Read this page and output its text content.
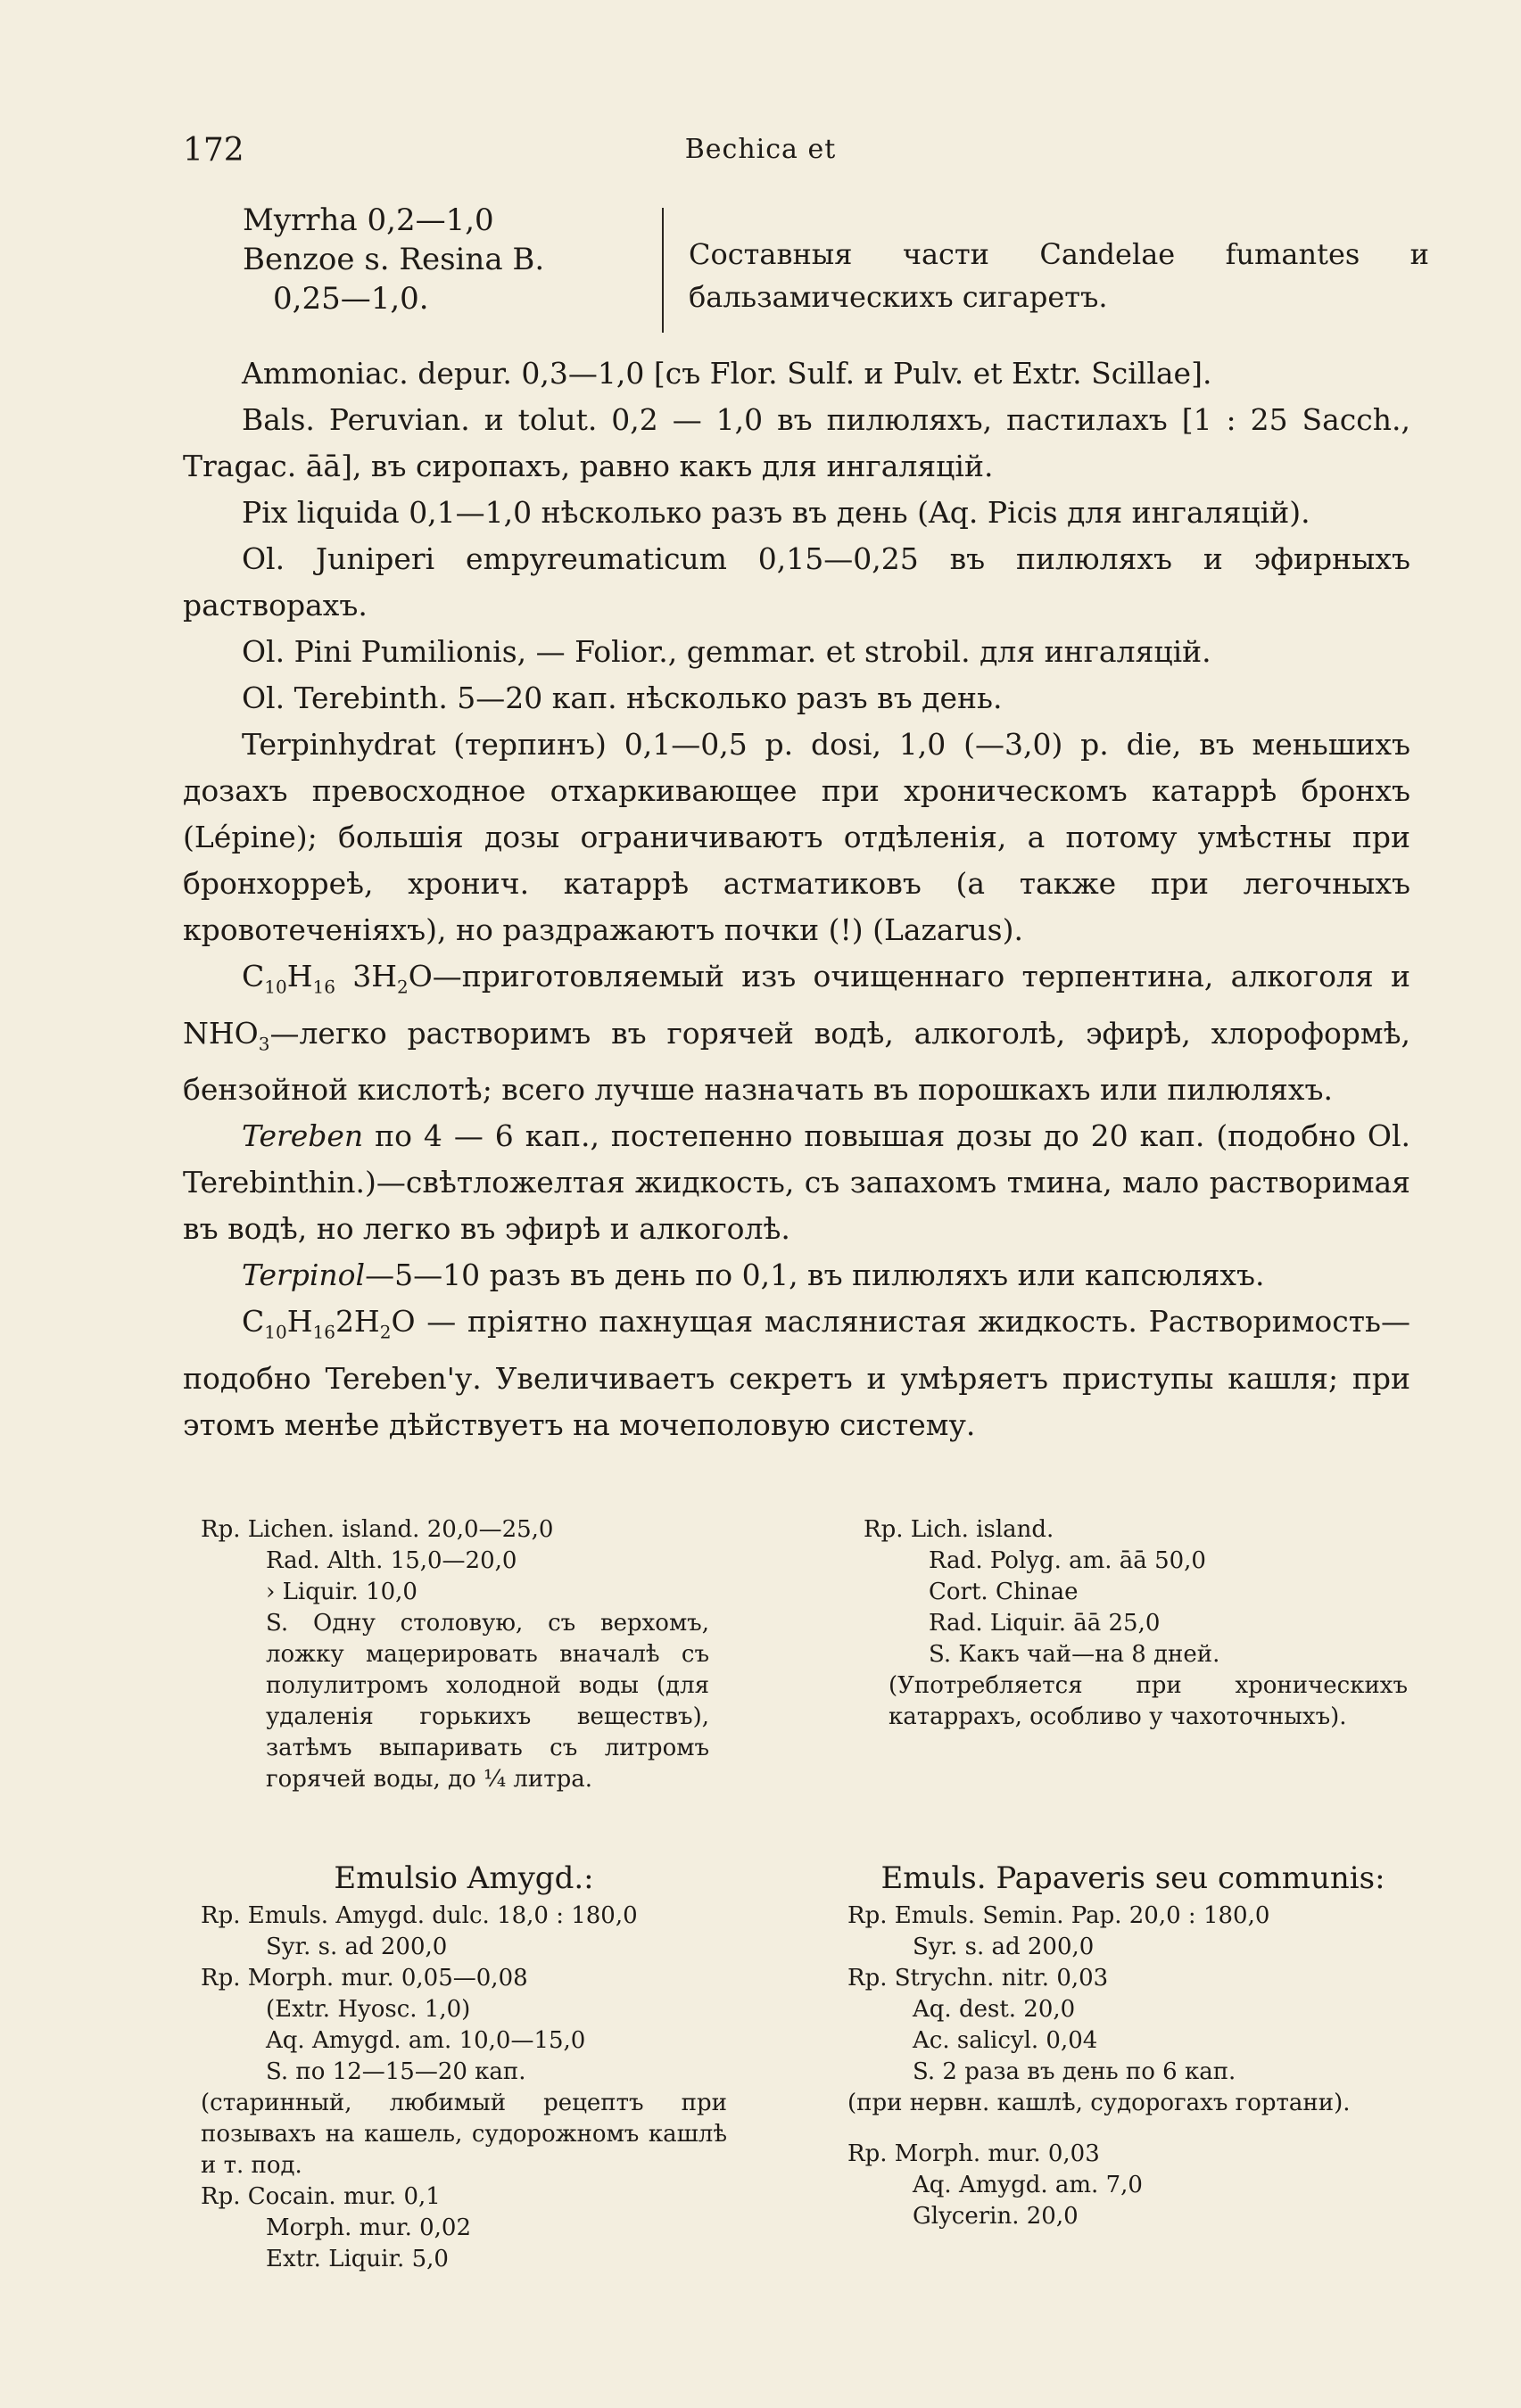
172	Bechica et
Myrrha 0,2—1,0
Benzoe s. Resina B.
0,25—1,0.
Составныя части Candelae fumantes и
бальзамическихъ сигаретъ.

Ammoniac. depur. 0,3—1,0 [съ Flor. Sulf. и Pulv. et Extr. Scillae].

Bals. Peruvian. и tolut. 0,2 — 1,0 въ пилюляхъ, пастилахъ [1 : 25 Sacch., Tragac. āā], въ сиропахъ, равно какъ для ингаляцій.

Pix liquida 0,1—1,0 нѣсколько разъ въ день (Aq. Picis для ингаляцій).

Ol. Juniperi empyreumaticum 0,15—0,25 въ пилюляхъ и эфирныхъ растворахъ.

Ol. Pini Pumilionis, — Folior., gemmar. et strobil. для ингаляцій.

Ol. Terebinth. 5—20 кап. нѣсколько разъ въ день.

Terpinhydrat (терпинъ) 0,1—0,5 p. dosi, 1,0 (—3,0) p. die, въ меньшихъ дозахъ превосходное отхаркивающее при хроническомъ катаррѣ бронхъ (Lépine); большія дозы ограничиваютъ отдѣленія, а потому умѣстны при бронхорреѣ, хронич. катаррѣ астматиковъ (а также при легочныхъ кровотеченіяхъ), но раздражаютъ почки (!) (Lazarus).

$C_{10}H_{16}$ $3H_2O—приготовляемый$ изъ очищеннаго терпентина, алкоголя и $NHO_3—легко$ растворимъ въ горячей водѣ, алкоголѣ, эфирѣ, хлороформѣ, бензойной кислотѣ; всего лучше назначать въ порошкахъ или пилюляхъ.

Tereben по 4 — 6 кап., постепенно повышая дозы до 20 кап. (подобно Ol. Terebinthin.)—свѣтложелтая жидкость, съ запахомъ тмина, мало растворимая въ водѣ, но легко въ эфирѣ и алкоголѣ.

Terpinol—5—10 разъ въ день по 0,1, въ пилюляхъ или капсюляхъ.

$C_{10}H_{16}2H_2O$ — пріятно пахнущая маслянистая жидкость. Растворимость—подобно Tereben'у. Увеличиваетъ секретъ и умѣряетъ приступы кашля; при этомъ менѣе дѣйствуетъ на мочеполовую систему.

Rp. Lichen. island. 20,0—25,0
Rad. Alth. 15,0—20,0
› Liquir. 10,0
S. Одну столовую, съ верхомъ, ложку мацерировать вначалѣ съ полулитромъ холодной воды (для удаленія горькихъ веществъ), затѣмъ выпаривать съ литромъ горячей воды, до ¼ литра.
Rp. Lich. island.
Rad. Polyg. am. āā 50,0
Cort. Chinae
Rad. Liquir. āā 25,0
S. Какъ чай—на 8 дней.
(Употребляется при хроническихъ катаррахъ, особливо у чахоточныхъ).
Emulsio Amygd.:
Rp. Emuls. Amygd. dulc. 18,0 : 180,0
Syr. s. ad 200,0
Rp. Morph. mur. 0,05—0,08
(Extr. Hyosc. 1,0)
Aq. Amygd. am. 10,0—15,0
S. по 12—15—20 кап.
(старинный, любимый рецептъ при позывахъ на кашель, судорожномъ кашлѣ и т. под.
Rp. Cocain. mur. 0,1
Morph. mur. 0,02
Extr. Liquir. 5,0
Emuls. Papaveris seu communis:
Rp. Emuls. Semin. Pap. 20,0 : 180,0
Syr. s. ad 200,0
Rp. Strychn. nitr. 0,03
Aq. dest. 20,0
Ac. salicyl. 0,04
S. 2 раза въ день по 6 кап.
(при нервн. кашлѣ, судорогахъ гортани).
Rp. Morph. mur. 0,03
Aq. Amygd. am. 7,0
Glycerin. 20,0
